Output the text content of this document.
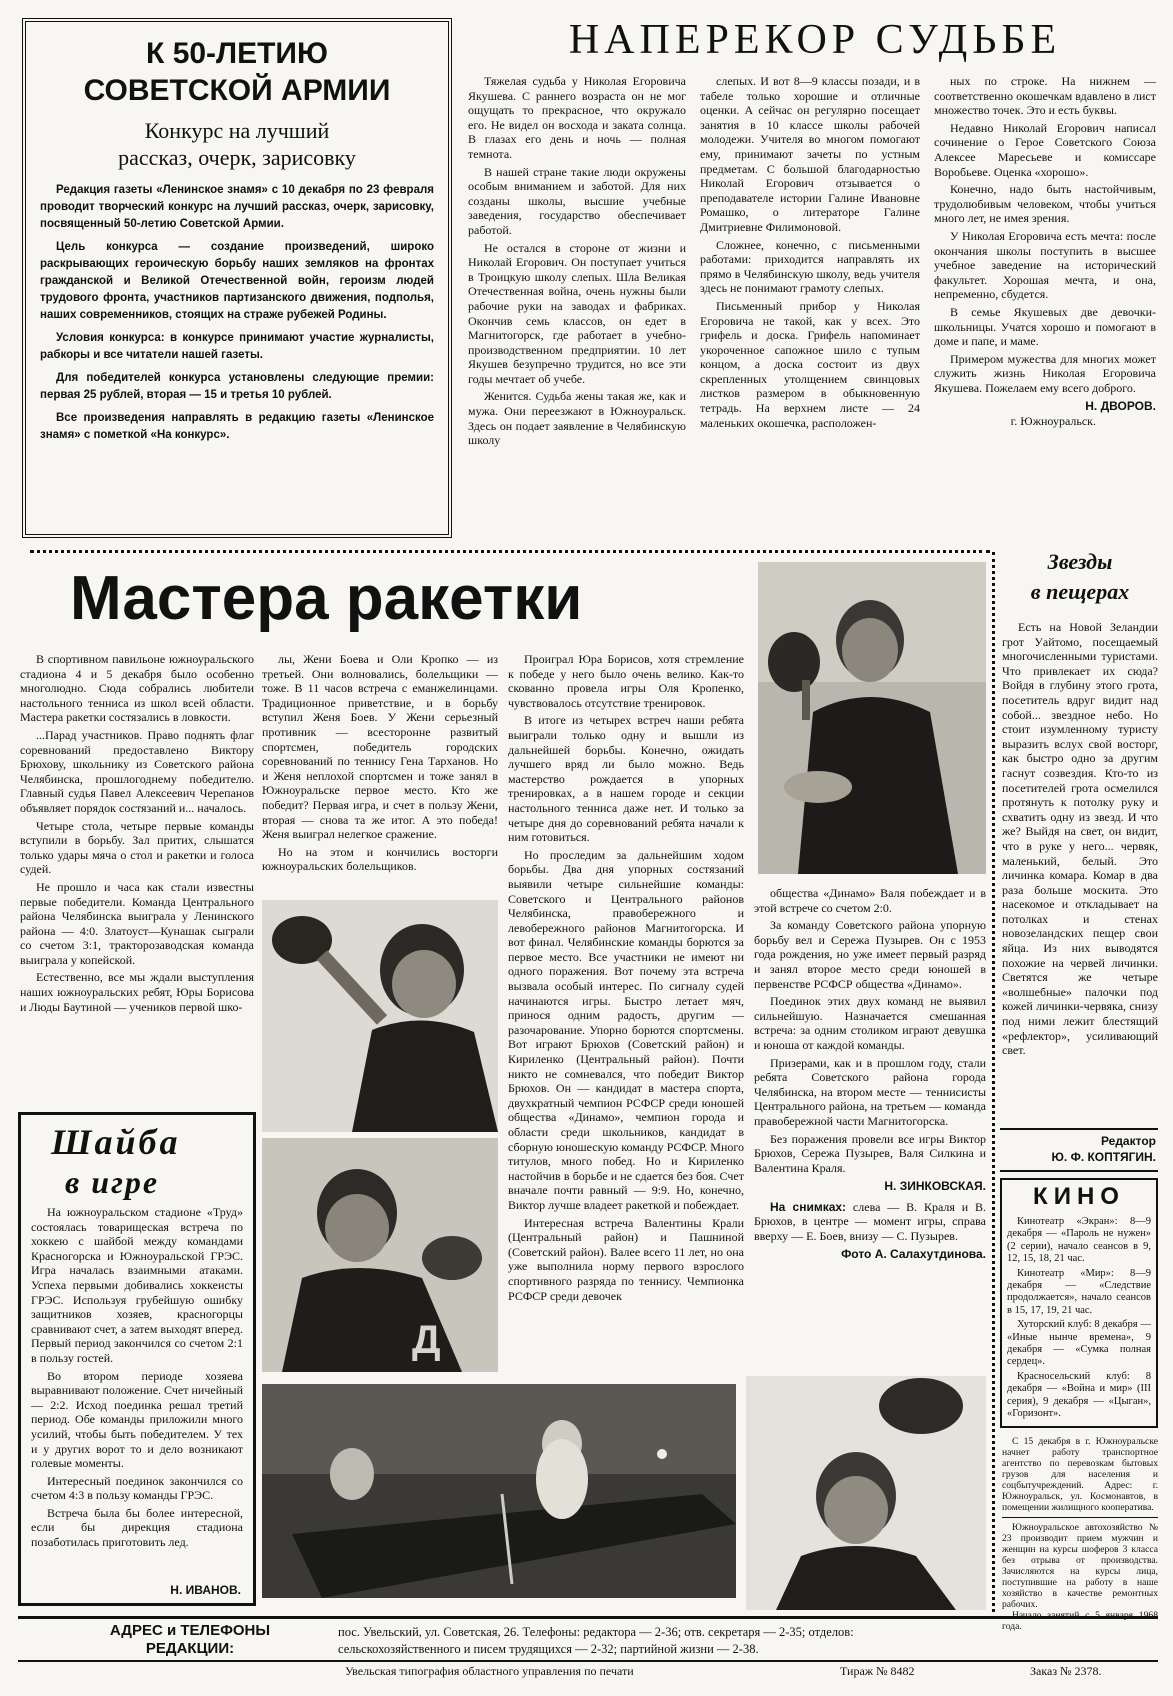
К 50-ЛЕТИЮ
СОВЕТСКОЙ АРМИИ
Конкурс на лучший
рассказ, очерк, зарисовку

Редакция газеты «Ленинское знамя» с 10 декабря по 23 февраля проводит творческий конкурс на лучший рассказ, очерк, зарисовку, посвященный 50-летию Советской Армии.

Цель конкурса — создание произведений, широко раскрывающих героическую борьбу наших земляков на фронтах гражданской и Великой Отечественной войн, героизм людей трудового фронта, участников партизанского движения, подполья, наших современников, стоящих на страже рубежей Родины.

Условия конкурса: в конкурсе принимают участие журналисты, рабкоры и все читатели нашей газеты.

Для победителей конкурса установлены следующие премии: первая 25 рублей, вторая — 15 и третья 10 рублей.

Все произведения направлять в редакцию газеты «Ленинское знамя» с пометкой «На конкурс».

НАПЕРЕКОР СУДЬБЕ

Тяжелая судьба у Николая Егоровича Якушева. С раннего возраста он не мог ощущать то прекрасное, что окружало его. Не видел он восхода и заката солнца. В глазах его день и ночь — полная темнота.

В нашей стране такие люди окружены особым вниманием и заботой. Для них созданы школы, высшие учебные заведения, государство обеспечивает работой.

Не остался в стороне от жизни и Николай Егорович. Он поступает учиться в Троицкую школу слепых. Шла Великая Отечественная война, очень нужны были рабочие руки на заводах и фабриках. Окончив семь классов, он едет в Магнитогорск, где работает в учебно-производственном предприятии. 10 лет Якушев безупречно трудится, но все эти годы мечтает об учебе.

Женится. Судьба жены такая же, как и мужа. Они переезжают в Южноуральск. Здесь он подает заявление в Челябинскую школу

слепых. И вот 8—9 классы позади, и в табеле только хорошие и отличные оценки. А сейчас он регулярно посещает занятия в 10 классе школы рабочей молодежи. Учителя во многом помогают ему, принимают зачеты по устным предметам. С большой благодарностью Николай Егорович отзывается о преподавателе истории Галине Ивановне Ромашко, о литераторе Галине Дмитриевне Филимоновой.

Сложнее, конечно, с письменными работами: приходится направлять их прямо в Челябинскую школу, ведь учителя здесь не понимают грамоту слепых.

Письменный прибор у Николая Егоровича не такой, как у всех. Это грифель и доска. Грифель напоминает укороченное сапожное шило с тупым концом, а доска состоит из двух скрепленных утолщением свинцовых листков размером в обыкновенную тетрадь. На верхнем листе — 24 маленьких окошечка, расположен-

ных по строке. На нижнем — соответственно окошечкам вдавлено в лист множество точек. Это и есть буквы.

Недавно Николай Егорович написал сочинение о Герое Советского Союза Алексее Маресьеве и комиссаре Воробьеве. Оценка «хорошо».

Конечно, надо быть настойчивым, трудолюбивым человеком, чтобы учиться много лет, не имея зрения.

У Николая Егоровича есть мечта: после окончания школы поступить в высшее учебное заведение на исторический факультет. Хорошая мечта, и она, непременно, сбудется.

В семье Якушевых две девочки-школьницы. Учатся хорошо и помогают в доме и папе, и маме.

Примером мужества для многих может служить жизнь Николая Егоровича Якушева. Пожелаем ему всего доброго.

Н. ДВОРОВ.
г. Южноуральск.
Мастера ракетки

В спортивном павильоне южноуральского стадиона 4 и 5 декабря было особенно многолюдно. Сюда собрались любители настольного тенниса из школ всей области. Мастера ракетки состязались в ловкости.

...Парад участников. Право поднять флаг соревнований предоставлено Виктору Брюхову, школьнику из Советского района Челябинска, прошлогоднему победителю. Главный судья Павел Алексеевич Черепанов объявляет порядок состязаний и... началось.

Четыре стола, четыре первые команды вступили в борьбу. Зал притих, слышатся только удары мяча о стол и ракетки и голоса судей.

Не прошло и часа как стали известны первые победители. Команда Центрального района Челябинска выиграла у Ленинского района — 4:0. Златоуст—Кунашак сыграли со счетом 3:1, тракторозаводская команда выиграла у копейской.

Естественно, все мы ждали выступления наших южноуральских ребят, Юры Борисова и Люды Баутиной — учеников первой шко-

лы, Жени Боева и Оли Кропко — из третьей. Они волновались, болельщики — тоже. В 11 часов встреча с еманжелинцами. Традиционное приветствие, и в борьбу вступил Женя Боев. У Жени серьезный противник — всесторонне развитый спортсмен, победитель городских соревнований по теннису Гена Тарханов. Но и Женя неплохой спортсмен и тоже занял в Южноуральске первое место. Кто же победит? Первая игра, и счет в пользу Жени, вторая — снова та же итог. А это победа! Женя выиграл нелегкое сражение.

Но на этом и кончились восторги южноуральских болельщиков.

Проиграл Юра Борисов, хотя стремление к победе у него было очень велико. Как-то скованно провела игры Оля Кропенко, чувствовалось отсутствие тренировок.

В итоге из четырех встреч наши ребята выиграли только одну и вышли из дальнейшей борьбы. Конечно, ожидать лучшего вряд ли было можно. Ведь мастерство рождается в упорных тренировках, а в нашем городе и секции настольного тенниса даже нет. И только за четыре дня до соревнований ребята начали к ним готовиться.

Но проследим за дальнейшим ходом борьбы. Два дня упорных состязаний выявили четыре сильнейшие команды: Советского и Центрального районов Челябинска, правобережного и левобережного районов Магнитогорска. И вот финал. Челябинские команды борются за первое место. Все участники не имеют ни одного поражения. Вот почему эта встреча вызвала особый интерес. По сигналу судей начинаются игры. Быстро летает мяч, принося одним радость, другим — разочарование. Упорно борются спортсмены. Вот играют Брюхов (Советский район) и Кириленко (Центральный район). Почти никто не сомневался, что победит Виктор Брюхов. Он — кандидат в мастера спорта, двухкратный чемпион РСФСР среди юношей общества «Динамо», чемпион города и области среди школьников, кандидат в сборную юношескую команду РСФСР. Много титулов, много побед. Но и Кириленко настойчив в борьбе и не сдается без боя. Счет вначале почти равный — 9:9. Но, конечно, Виктор лучше владеет ракеткой и побеждает.

Интересная встреча Валентины Крали (Центральный район) и Пашниной (Советский район). Валее всего 11 лет, но она уже выполнила норму первого взрослого спортивного разряда по теннису. Чемпионка РСФСР среди девочек

общества «Динамо» Валя побеждает и в этой встрече со счетом 2:0.

За команду Советского района упорную борьбу вел и Сережа Пузырев. Он с 1953 года рождения, но уже имеет первый разряд и занял второе место среди юношей в первенстве РСФСР общества «Динамо».

Поединок этих двух команд не выявил сильнейшую. Назначается смешанная встреча: за одним столиком играют девушка и юноша от каждой команды.

Призерами, как и в прошлом году, стали ребята Советского района города Челябинска, на втором месте — теннисисты Центрального района, на третьем — команда правобережной части Магнитогорска.

Без поражения провели все игры Виктор Брюхов, Сережа Пузырев, Валя Силкина и Валентина Краля.

Н. ЗИНКОВСКАЯ.
На снимках: слева — В. Краля и В. Брюхов, в центре — момент игры, справа вверху — Е. Боев, внизу — С. Пузырев.
Фото А. Салахутдинова.
Д
Шайба
в игре

На южноуральском стадионе «Труд» состоялась товарищеская встреча по хоккею с шайбой между командами Красногорска и Южноуральской ГРЭС. Игра началась взаимными атаками. Успеха первыми добивались хоккеисты ГРЭС. Используя грубейшую ошибку защитников хозяев, красногорцы сравнивают счет, а затем выходят вперед. Первый период закончился со счетом 2:1 в пользу гостей.

Во втором периоде хозяева выравнивают положение. Счет ничейный — 2:2. Исход поединка решал третий период. Обе команды приложили много усилий, чтобы быть победителем. У тех и у других ворот то и дело возникают голевые моменты.

Интересный поединок закончился со счетом 4:3 в пользу команды ГРЭС.

Встреча была бы более интересной, если бы дирекция стадиона позаботилась пригото‌вить лед.

Н. ИВАНОВ.
Звезды
в пещерах

Есть на Новой Зеландии грот Уайтомо, посещаемый многочисленными туристами. Что привлекает их сюда? Войдя в глубину этого грота, посетитель вдруг видит над собой... звездное небо. Но стоит изумленному туристу выразить вслух свой восторг, как быстро одно за другим гаснут созвездия. Кто-то из посетителей грота осмелился протянуть к потолку руку и схватить одну из звезд. И что же? Выйдя на свет, он видит, что в руке у него... червяк, маленький, белый. Это личинка комара. Комар в два раза больше москита. Это насекомое и откладывает на потолках и стенах новозеландских пещер свои яйца. Из них выводятся похожие на червей личинки. Светятся же четыре «волшебные» палочки под кожей личинки-червяка, снизу под ними лежит блестящий «рефлектор», усиливающий свет.

Редактор
Ю. Ф. КОПТЯГИН.
КИНО

Кинотеатр «Экран»: 8—9 декабря — «Пароль не нужен» (2 серии), начало сеансов в 9, 12, 15, 18, 21 час.

Кинотеатр «Мир»: 8—9 декабря — «Следствие продолжается», начало сеансов в 15, 17, 19, 21 час.

Хуторский клуб: 8 декабря — «Иные нынче времена», 9 декабря — «Сумка полная сердец».

Красносельский клуб: 8 декабря — «Война и мир» (III серия), 9 декабря — «Цыган», «Горизонт».

С 15 декабря в г. Южноуральске начнет работу транспортное агентство по перевозкам бытовых грузов для населения и соцбытучреждений. Адрес: г. Южноуральск, ул. Космонавтов, в помещении жилищного кооператива.

Южноуральское автохозяйство № 23 производит прием мужчин и женщин на курсы шоферов 3 класса без отрыва от производства. Зачисляются на курсы лица, поступившие на работу в наше хозяйство в качестве ремонтных рабочих.

года.

АДРЕС и ТЕЛЕФОНЫ
РЕДАКЦИИ:
пос. Увельский, ул. Советская, 26. Телефоны: редактора — 2-36; отв. секретаря — 2-35; отделов:
сельскохозяйственного и писем трудящихся — 2-32; партийной жизни — 2-38.
Увельская типография областного управления по печати	Тираж № 8482	Заказ № 2378.
